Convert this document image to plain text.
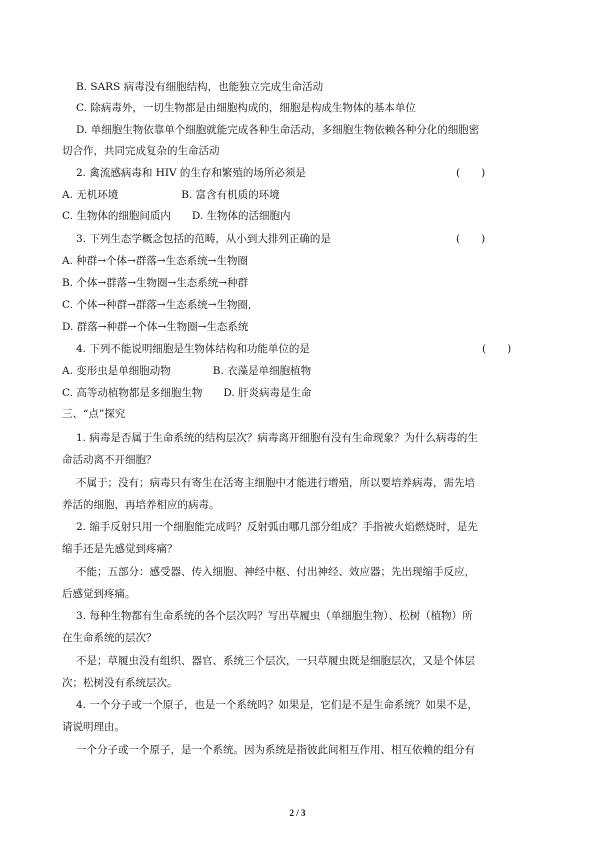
B. SARS 病毒没有细胞结构，也能独立完成生命活动
C. 除病毒外，一切生物都是由细胞构成的，细胞是构成生物体的基本单位
D. 单细胞生物依靠单个细胞就能完成各种生命活动，多细胞生物依赖各种分化的细胞密
切合作，共同完成复杂的生命活动
2. 禽流感病毒和 HIV 的生存和繁殖的场所必须是	(　　)
A. 无机环境　　　　　　B. 富含有机质的环境
C. 生物体的细胞间质内　　D. 生物体的活细胞内
3. 下列生态学概念包括的范畴，从小到大排列正确的是	(　　)
A. 种群→个体→群落→生态系统→生物圈
B. 个体→群落→生物圈→生态系统→种群
C. 个体→种群→群落→生态系统→生物圈,
D. 群落→种群→个体→生物圈→生态系统
4. 下列不能说明细胞是生物体结构和功能单位的是	(　　)
A. 变形虫是单细胞动物　　　　B. 衣藻是单细胞植物
C. 高等动植物都是多细胞生物　　D. 肝炎病毒是生命
三、“点”探究
1. 病毒是否属于生命系统的结构层次？病毒离开细胞有没有生命现象？为什么病毒的生
命活动离不开细胞？
不属于；没有；病毒只有寄生在活寄主细胞中才能进行增殖，所以要培养病毒，需先培
养活的细胞，再培养相应的病毒。
2. 缩手反射只用一个细胞能完成吗？反射弧由哪几部分组成？手指被火焰燃烧时，是先
缩手还是先感觉到疼痛？
不能；五部分：感受器、传入细胞、神经中枢、付出神经、效应器；先出现缩手反应，
后感觉到疼痛。
3. 每种生物都有生命系统的各个层次吗？写出草履虫（单细胞生物）、松树（植物）所
在生命系统的层次？
不是；草履虫没有组织、器官、系统三个层次，一只草履虫既是细胞层次，又是个体层
次；松树没有系统层次。
4. 一个分子或一个原子，也是一个系统吗？如果是，它们是不是生命系统？如果不是，
请说明理由。
一个分子或一个原子，是一个系统。因为系统是指彼此间相互作用、相互依赖的组分有
2 / 3
